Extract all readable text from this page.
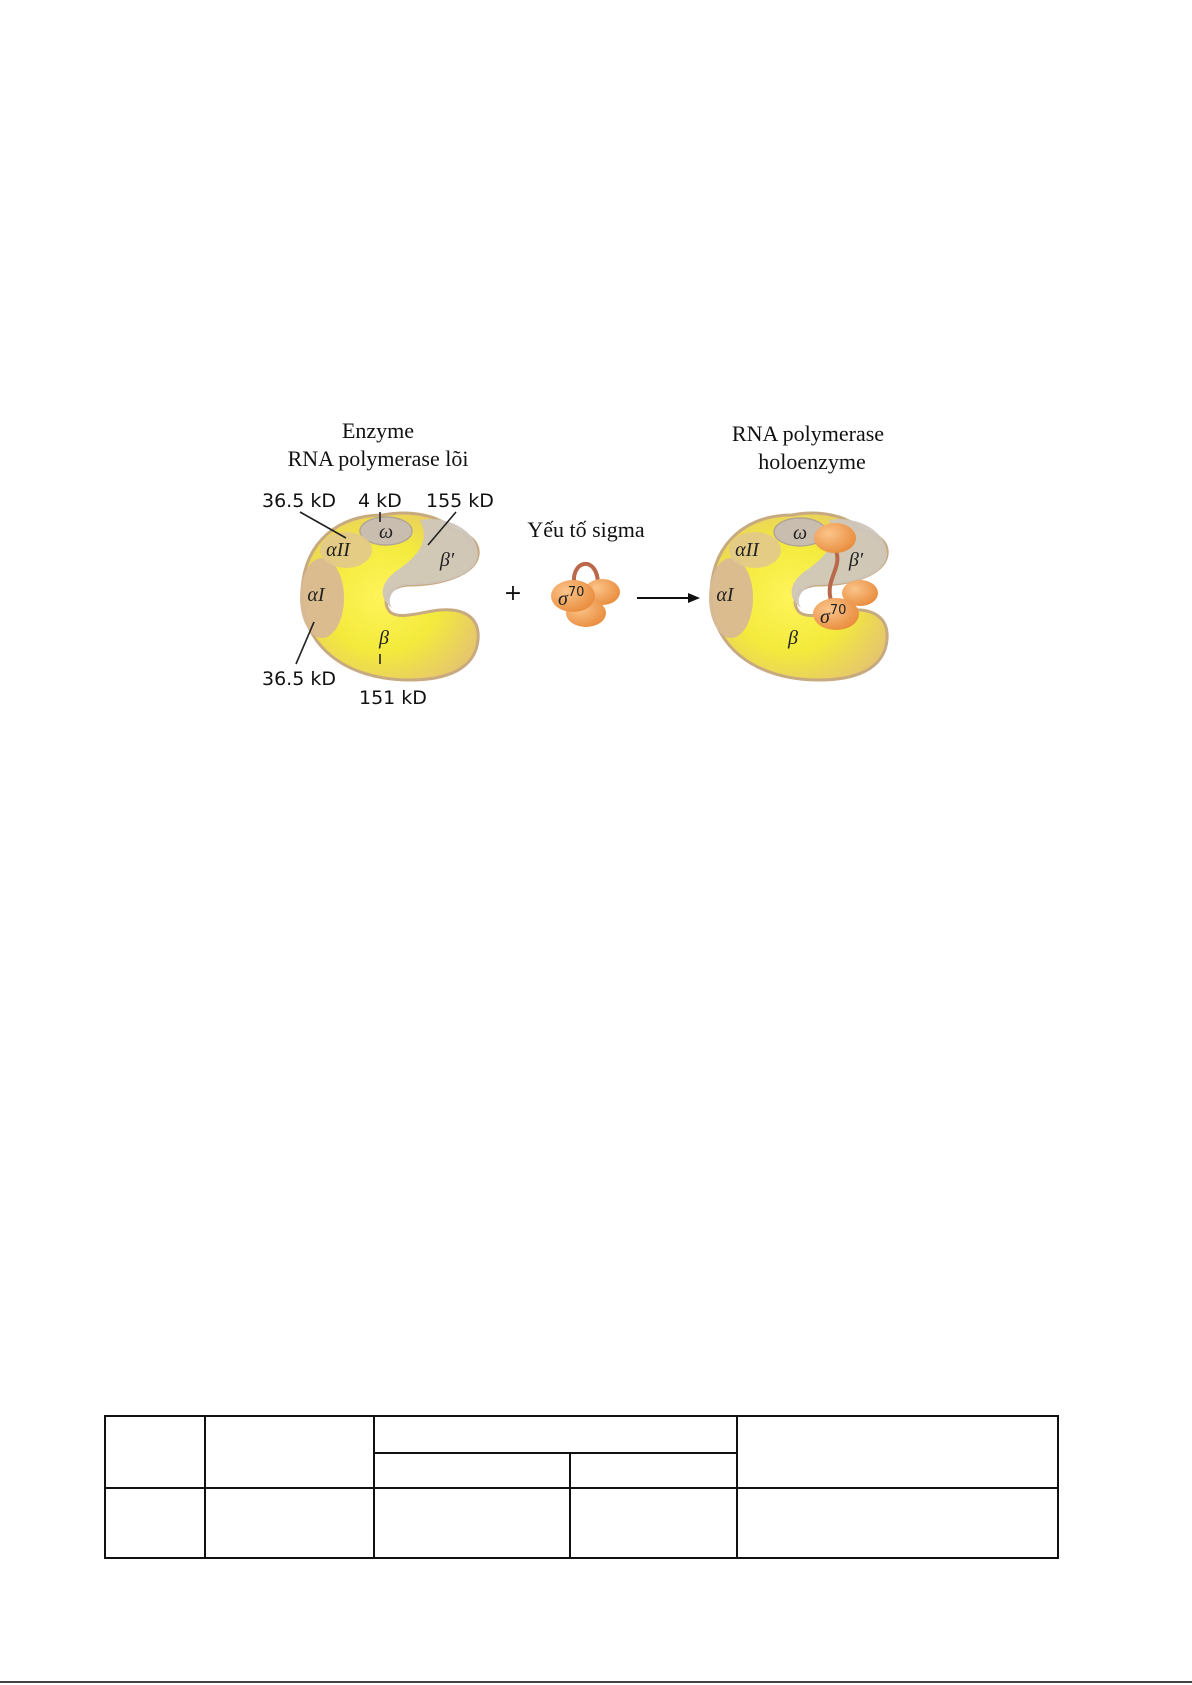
Enzyme
RNA polymerase lõi
RNA polymerase
holoenzyme
36.5 kD 4 kD 155 kD
36.5 kD
151 kD
ω
αII	β′
αI
β
+
Yếu tố sigma
$\sigma^{70}$
ω
αII	β′
αI
β
$\sigma^{70}$
